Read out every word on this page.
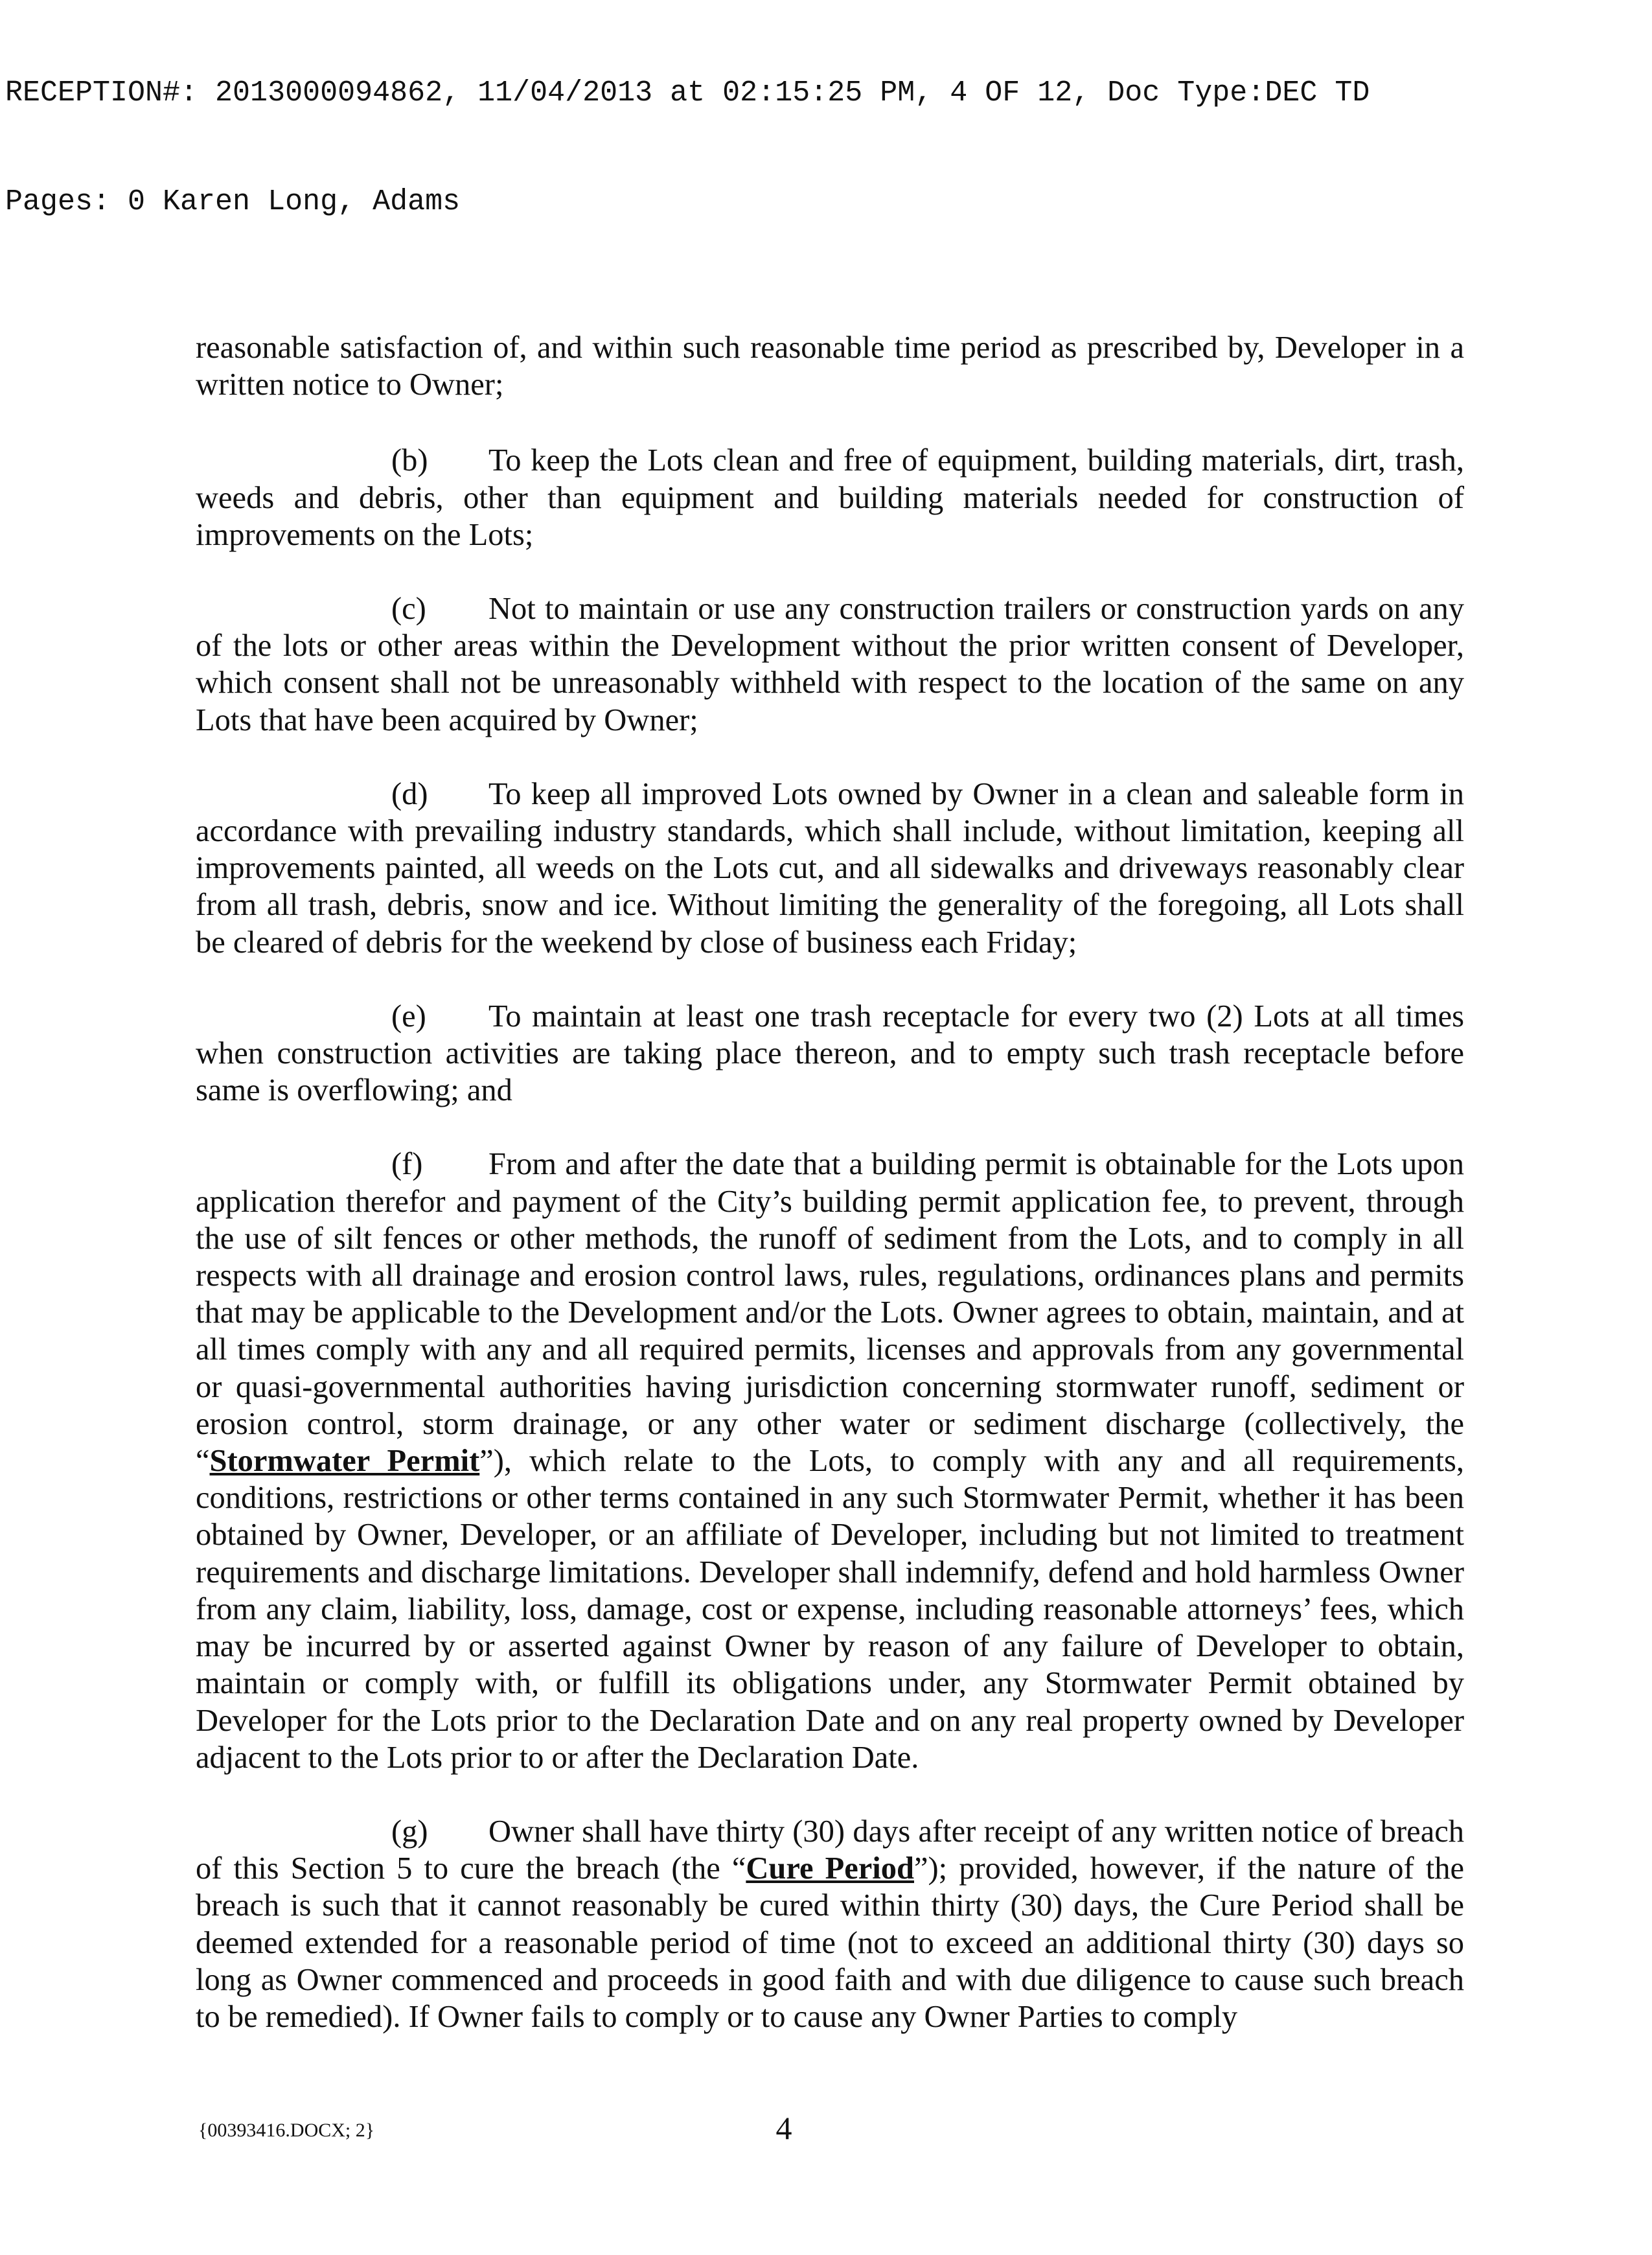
RECEPTION#: 2013000094862, 11/04/2013 at 02:15:25 PM, 4 OF 12, Doc Type:DEC TD

Pages: 0 Karen Long, Adams

reasonable satisfaction of, and within such reasonable time period as prescribed by, Developer in a written notice to Owner;

(b) To keep the Lots clean and free of equipment, building materials, dirt, trash, weeds and debris, other than equipment and building materials needed for construction of improvements on the Lots;

(c) Not to maintain or use any construction trailers or construction yards on any of the lots or other areas within the Development without the prior written consent of Developer, which consent shall not be unreasonably withheld with respect to the location of the same on any Lots that have been acquired by Owner;

(d) To keep all improved Lots owned by Owner in a clean and saleable form in accordance with prevailing industry standards, which shall include, without limitation, keeping all improvements painted, all weeds on the Lots cut, and all sidewalks and driveways reasonably clear from all trash, debris, snow and ice. Without limiting the generality of the foregoing, all Lots shall be cleared of debris for the weekend by close of business each Friday;

(e) To maintain at least one trash receptacle for every two (2) Lots at all times when construction activities are taking place thereon, and to empty such trash receptacle before same is overflowing; and

(f) From and after the date that a building permit is obtainable for the Lots upon application therefor and payment of the City’s building permit application fee, to prevent, through the use of silt fences or other methods, the runoff of sediment from the Lots, and to comply in all respects with all drainage and erosion control laws, rules, regulations, ordinances plans and permits that may be applicable to the Development and/or the Lots. Owner agrees to obtain, maintain, and at all times comply with any and all required permits, licenses and approvals from any governmental or quasi-governmental authorities having jurisdiction concerning stormwater runoff, sediment or erosion control, storm drainage, or any other water or sediment discharge (collectively, the “Stormwater Permit”), which relate to the Lots, to comply with any and all requirements, conditions, restrictions or other terms contained in any such Stormwater Permit, whether it has been obtained by Owner, Developer, or an affiliate of Developer, including but not limited to treatment requirements and discharge limitations. Developer shall indemnify, defend and hold harmless Owner from any claim, liability, loss, damage, cost or expense, including reasonable attorneys’ fees, which may be incurred by or asserted against Owner by reason of any failure of Developer to obtain, maintain or comply with, or fulfill its obligations under, any Stormwater Permit obtained by Developer for the Lots prior to the Declaration Date and on any real property owned by Developer adjacent to the Lots prior to or after the Declaration Date.

(g) Owner shall have thirty (30) days after receipt of any written notice of breach of this Section 5 to cure the breach (the “Cure Period”); provided, however, if the nature of the breach is such that it cannot reasonably be cured within thirty (30) days, the Cure Period shall be deemed extended for a reasonable period of time (not to exceed an additional thirty (30) days so long as Owner commenced and proceeds in good faith and with due diligence to cause such breach to be remedied). If Owner fails to comply or to cause any Owner Parties to comply

{00393416.DOCX; 2}	4
